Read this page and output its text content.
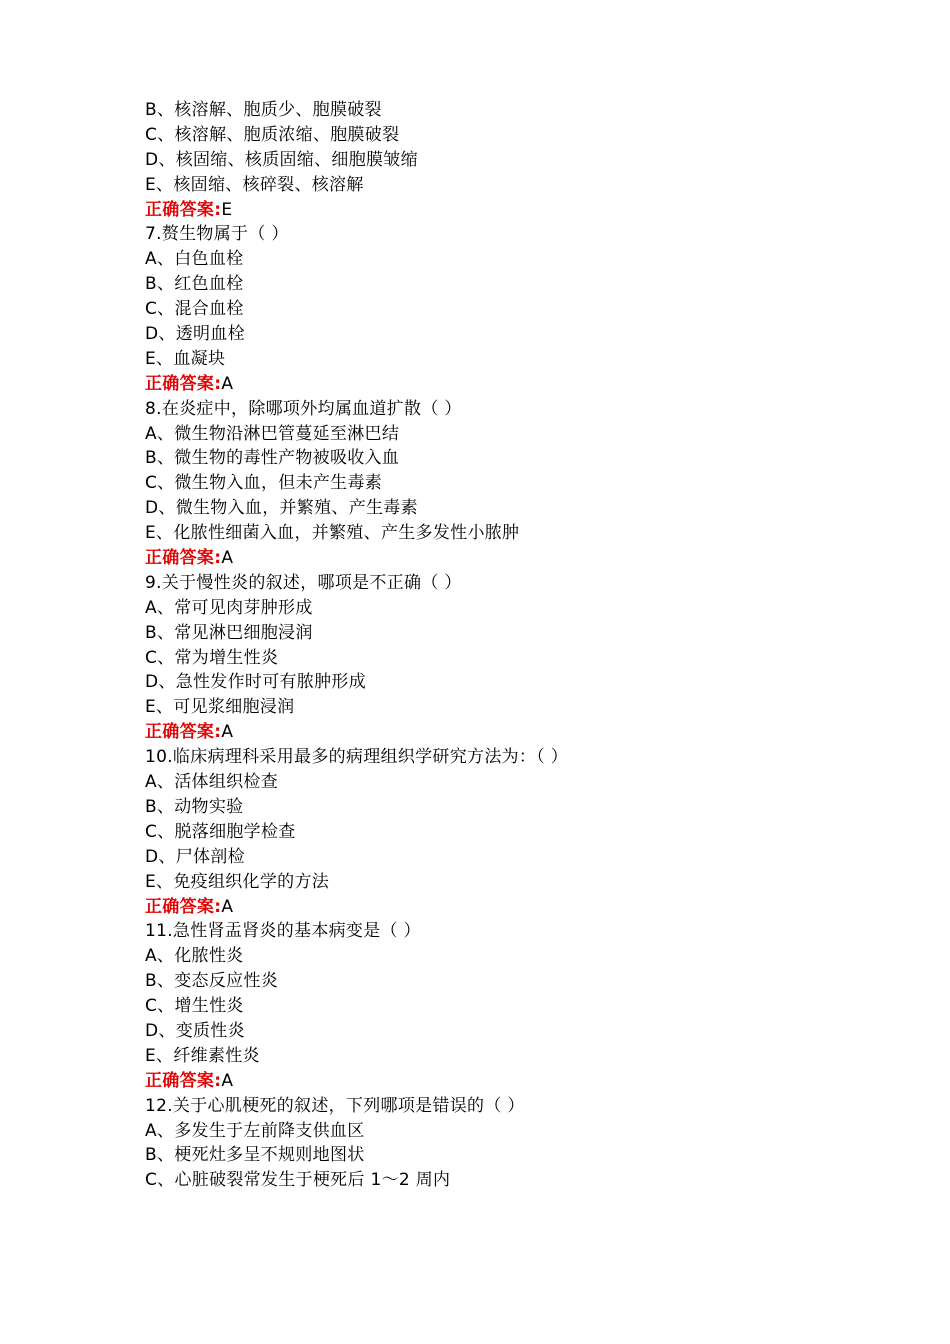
B、核溶解、胞质少、胞膜破裂
C、核溶解、胞质浓缩、胞膜破裂
D、核固缩、核质固缩、细胞膜皱缩
E、核固缩、核碎裂、核溶解
正确答案:E
7.赘生物属于（ ）
A、白色血栓
B、红色血栓
C、混合血栓
D、透明血栓
E、血凝块
正确答案:A
8.在炎症中，除哪项外均属血道扩散（ ）
A、微生物沿淋巴管蔓延至淋巴结
B、微生物的毒性产物被吸收入血
C、微生物入血，但未产生毒素
D、微生物入血，并繁殖、产生毒素
E、化脓性细菌入血，并繁殖、产生多发性小脓肿
正确答案:A
9.关于慢性炎的叙述，哪项是不正确（ ）
A、常可见肉芽肿形成
B、常见淋巴细胞浸润
C、常为增生性炎
D、急性发作时可有脓肿形成
E、可见浆细胞浸润
正确答案:A
10.临床病理科采用最多的病理组织学研究方法为：（ ）
A、活体组织检查
B、动物实验
C、脱落细胞学检查
D、尸体剖检
E、免疫组织化学的方法
正确答案:A
11.急性肾盂肾炎的基本病变是（ ）
A、化脓性炎
B、变态反应性炎
C、增生性炎
D、变质性炎
E、纤维素性炎
正确答案:A
12.关于心肌梗死的叙述，下列哪项是错误的（ ）
A、多发生于左前降支供血区
B、梗死灶多呈不规则地图状
C、心脏破裂常发生于梗死后 1～2 周内
